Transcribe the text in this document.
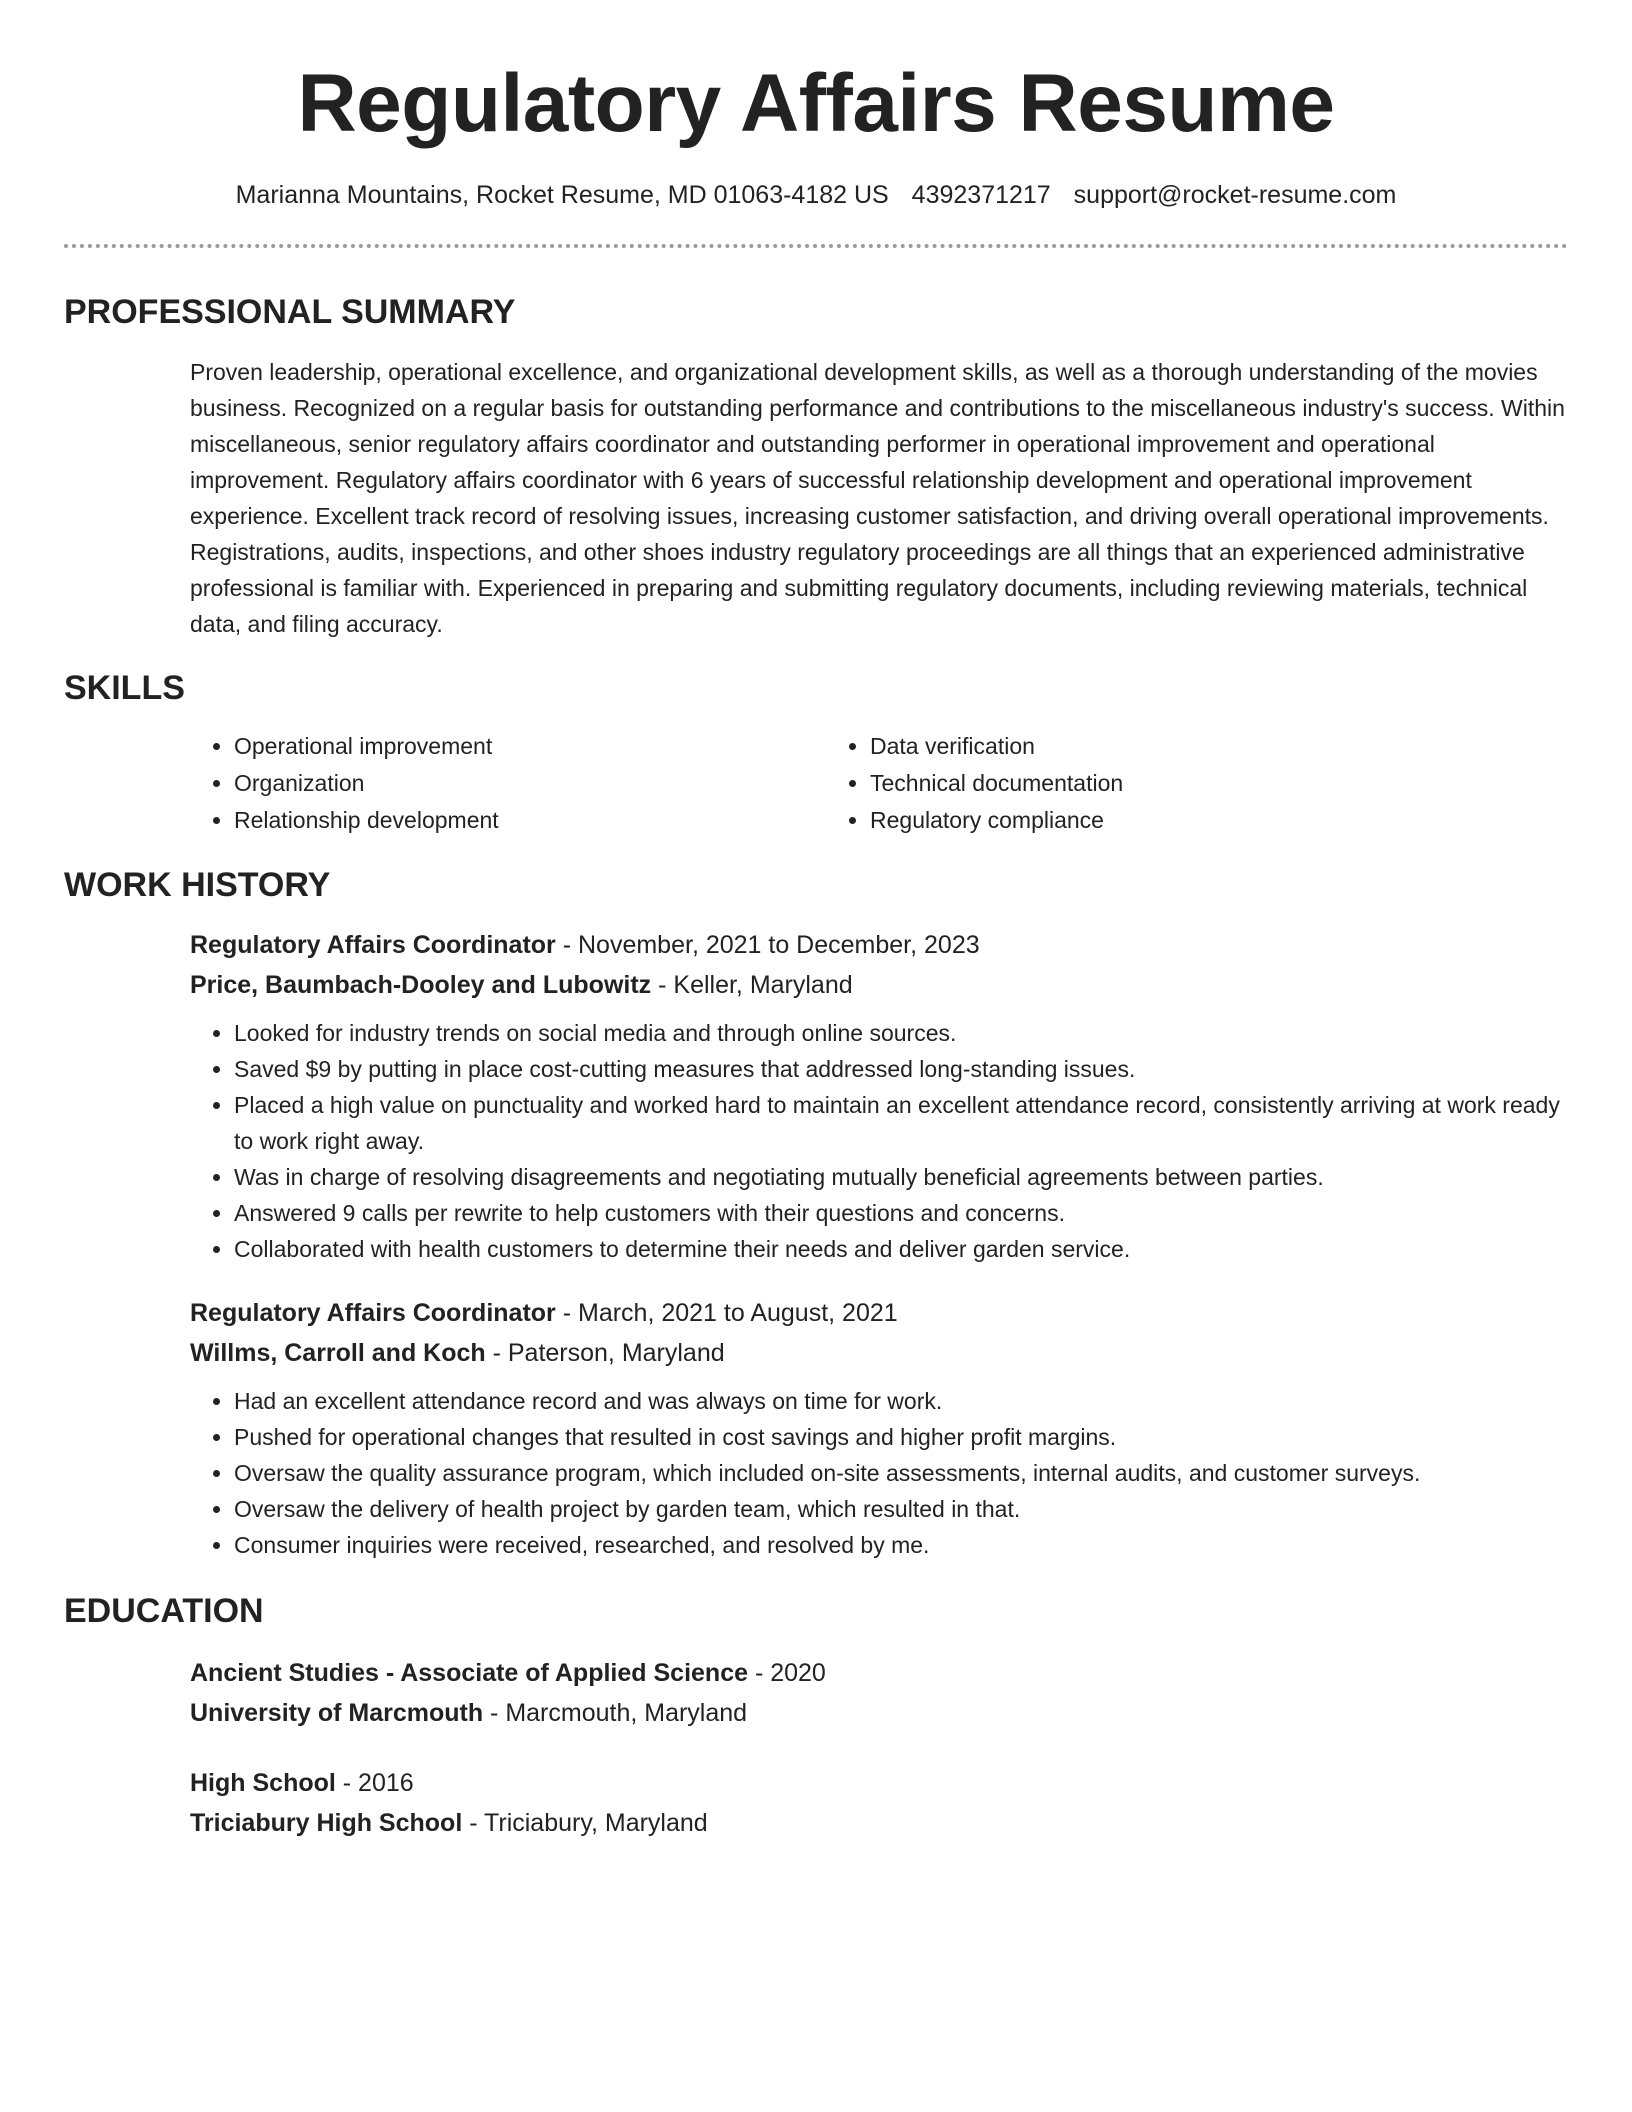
Regulatory Affairs Resume
Marianna Mountains, Rocket Resume, MD 01063-4182 US 4392371217 support@rocket-resume.com
PROFESSIONAL SUMMARY

Proven leadership, operational excellence, and organizational development skills, as well as a thorough understanding of the movies business. Recognized on a regular basis for outstanding performance and contributions to the miscellaneous industry's success. Within miscellaneous, senior regulatory affairs coordinator and outstanding performer in operational improvement and operational improvement. Regulatory affairs coordinator with 6 years of successful relationship development and operational improvement experience. Excellent track record of resolving issues, increasing customer satisfaction, and driving overall operational improvements. Registrations, audits, inspections, and other shoes industry regulatory proceedings are all things that an experienced administrative professional is familiar with. Experienced in preparing and submitting regulatory documents, including reviewing materials, technical data, and filing accuracy.

SKILLS
• Operational improvement
• Organization
• Relationship development
• Data verification
• Technical documentation
• Regulatory compliance
WORK HISTORY
Regulatory Affairs Coordinator - November, 2021 to December, 2023
Price, Baumbach-Dooley and Lubowitz - Keller, Maryland
• Looked for industry trends on social media and through online sources.
• Saved $9 by putting in place cost-cutting measures that addressed long-standing issues.
• Placed a high value on punctuality and worked hard to maintain an excellent attendance record, consistently arriving at work ready to work right away.
• Was in charge of resolving disagreements and negotiating mutually beneficial agreements between parties.
• Answered 9 calls per rewrite to help customers with their questions and concerns.
• Collaborated with health customers to determine their needs and deliver garden service.
Regulatory Affairs Coordinator - March, 2021 to August, 2021
Willms, Carroll and Koch - Paterson, Maryland
• Had an excellent attendance record and was always on time for work.
• Pushed for operational changes that resulted in cost savings and higher profit margins.
• Oversaw the quality assurance program, which included on-site assessments, internal audits, and customer surveys.
• Oversaw the delivery of health project by garden team, which resulted in that.
• Consumer inquiries were received, researched, and resolved by me.
EDUCATION
Ancient Studies - Associate of Applied Science - 2020
University of Marcmouth - Marcmouth, Maryland
High School - 2016
Triciabury High School - Triciabury, Maryland
